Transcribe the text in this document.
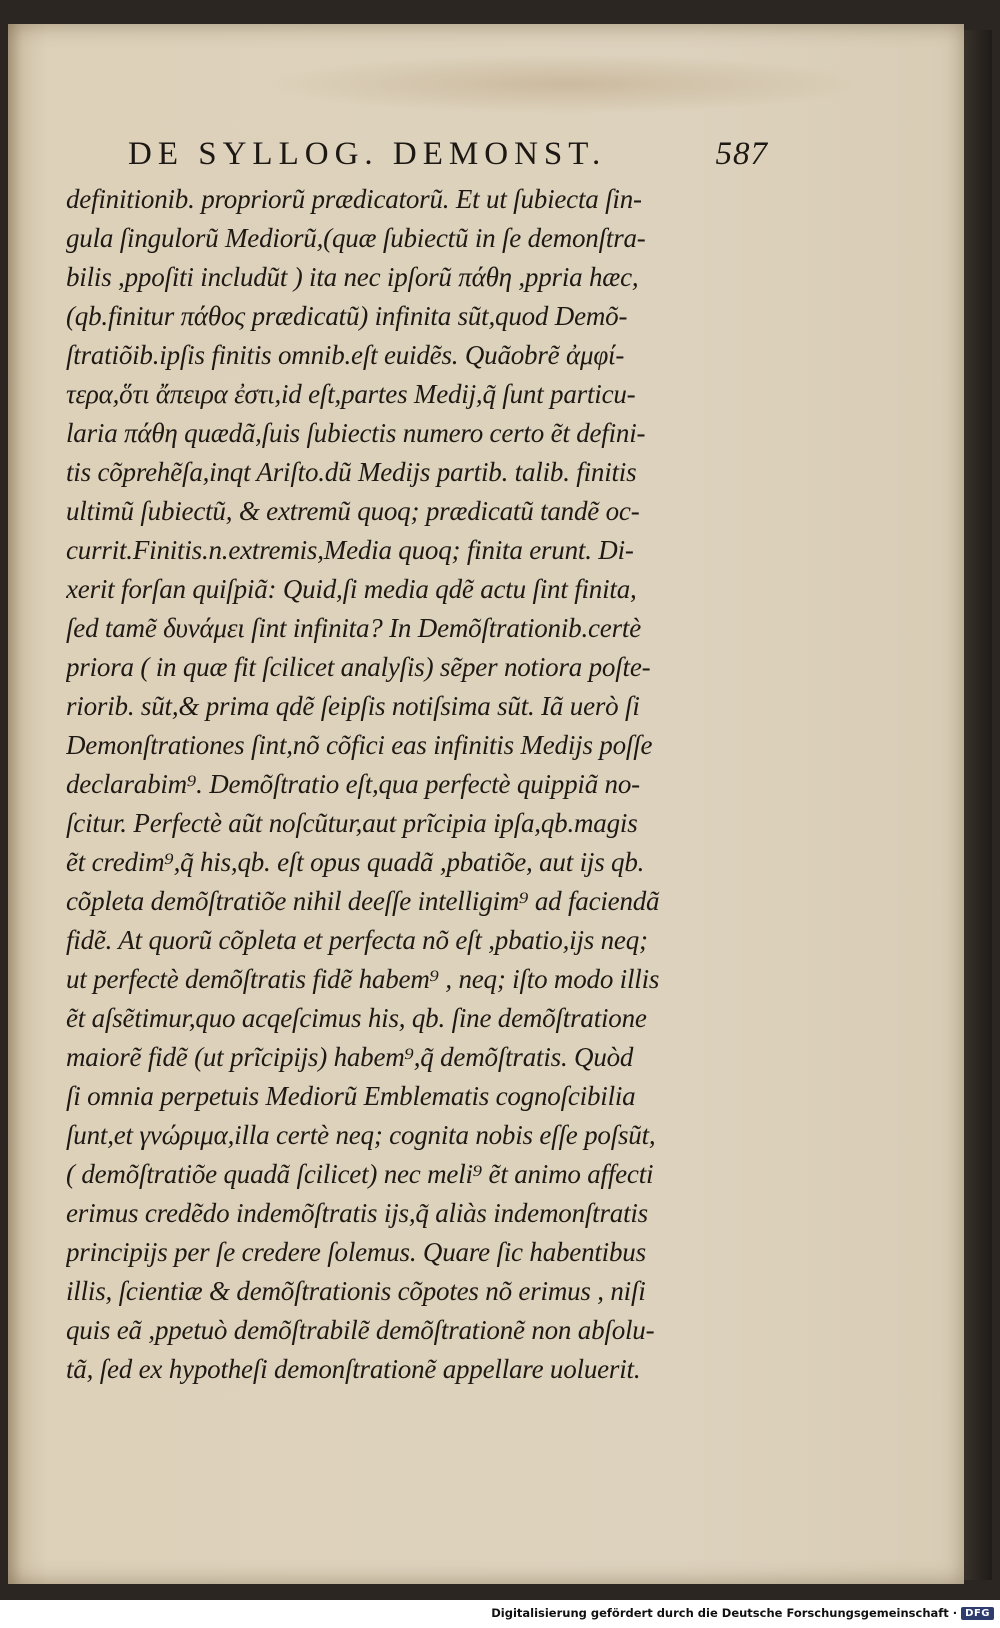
DE SYLLOG. DEMONST.	587
definitionib. propriorũ prædicatorũ. Et ut ſubiecta ſin-
gula ſingulorũ Mediorũ,(quæ ſubiectũ in ſe demonſtra-
bilis ,ppoſiti includũt ) ita nec ipſorũ πάθη ,ppria hæc,
(qb.finitur πάθος prædicatũ) infinita sũt,quod Demõ-
ſtratiõib.ipſis finitis omnib.eſt euidẽs. Quãobrẽ ἀμφί-
τερα,ὅτι ἄπειρα ἐστι,id eſt,partes Medij,q̃ ſunt particu-
laria πάθη quædã,ſuis ſubiectis numero certo ẽt defini-
tis cõprehẽſa,inqt Ariſto.dũ Medijs partib. talib. finitis
ultimũ ſubiectũ, & extremũ quoq; prædicatũ tandẽ oc-
currit.Finitis.n.extremis,Media quoq; finita erunt. Di-
xerit forſan quiſpiã: Quid,ſi media qdẽ actu ſint finita,
ſed tamẽ δυνάμει ſint infinita? In Demõſtrationib.certè
priora ( in quæ fit ſcilicet analyſis) sẽper notiora poſte-
riorib. sũt,& prima qdẽ ſeipſis notiſsima sũt. Iã uerò ſi
Demonſtrationes ſint,nõ cõfici eas infinitis Medijs poſſe
declarabim⁹. Demõſtratio eſt,qua perfectè quippiã no-
ſcitur. Perfectè aũt noſcũtur,aut prĩcipia ipſa,qb.magis
ẽt credim⁹,q̃ his,qb. eſt opus quadã ,pbatiõe, aut ijs qb.
cõpleta demõſtratiõe nihil deeſſe intelligim⁹ ad faciendã
fidẽ. At quorũ cõpleta et perfecta nõ eſt ,pbatio,ijs neq;
ut perfectè demõſtratis fidẽ habem⁹ , neq; iſto modo illis
ẽt aſsẽtimur,quo acqeſcimus his, qb. ſine demõſtratione
maiorẽ fidẽ (ut prĩcipijs) habem⁹,q̃ demõſtratis. Quòd
ſi omnia perpetuis Mediorũ Emblematis cognoſcibilia
ſunt,et γνώριμα,illa certè neq; cognita nobis eſſe poſsũt,
( demõſtratiõe quadã ſcilicet) nec meli⁹ ẽt animo affecti
erimus credẽdo indemõſtratis ijs,q̃ aliàs indemonſtratis
principijs per ſe credere ſolemus. Quare ſic habentibus
illis, ſcientiæ & demõſtrationis cõpotes nõ erimus , niſi
quis eã ,ppetuò demõſtrabilẽ demõſtrationẽ non abſolu-
tã, ſed ex hypotheſi demonſtrationẽ appellare uoluerit.
Digitalisierung gefördert durch die Deutsche Forschungsgemeinschaft · DFG
